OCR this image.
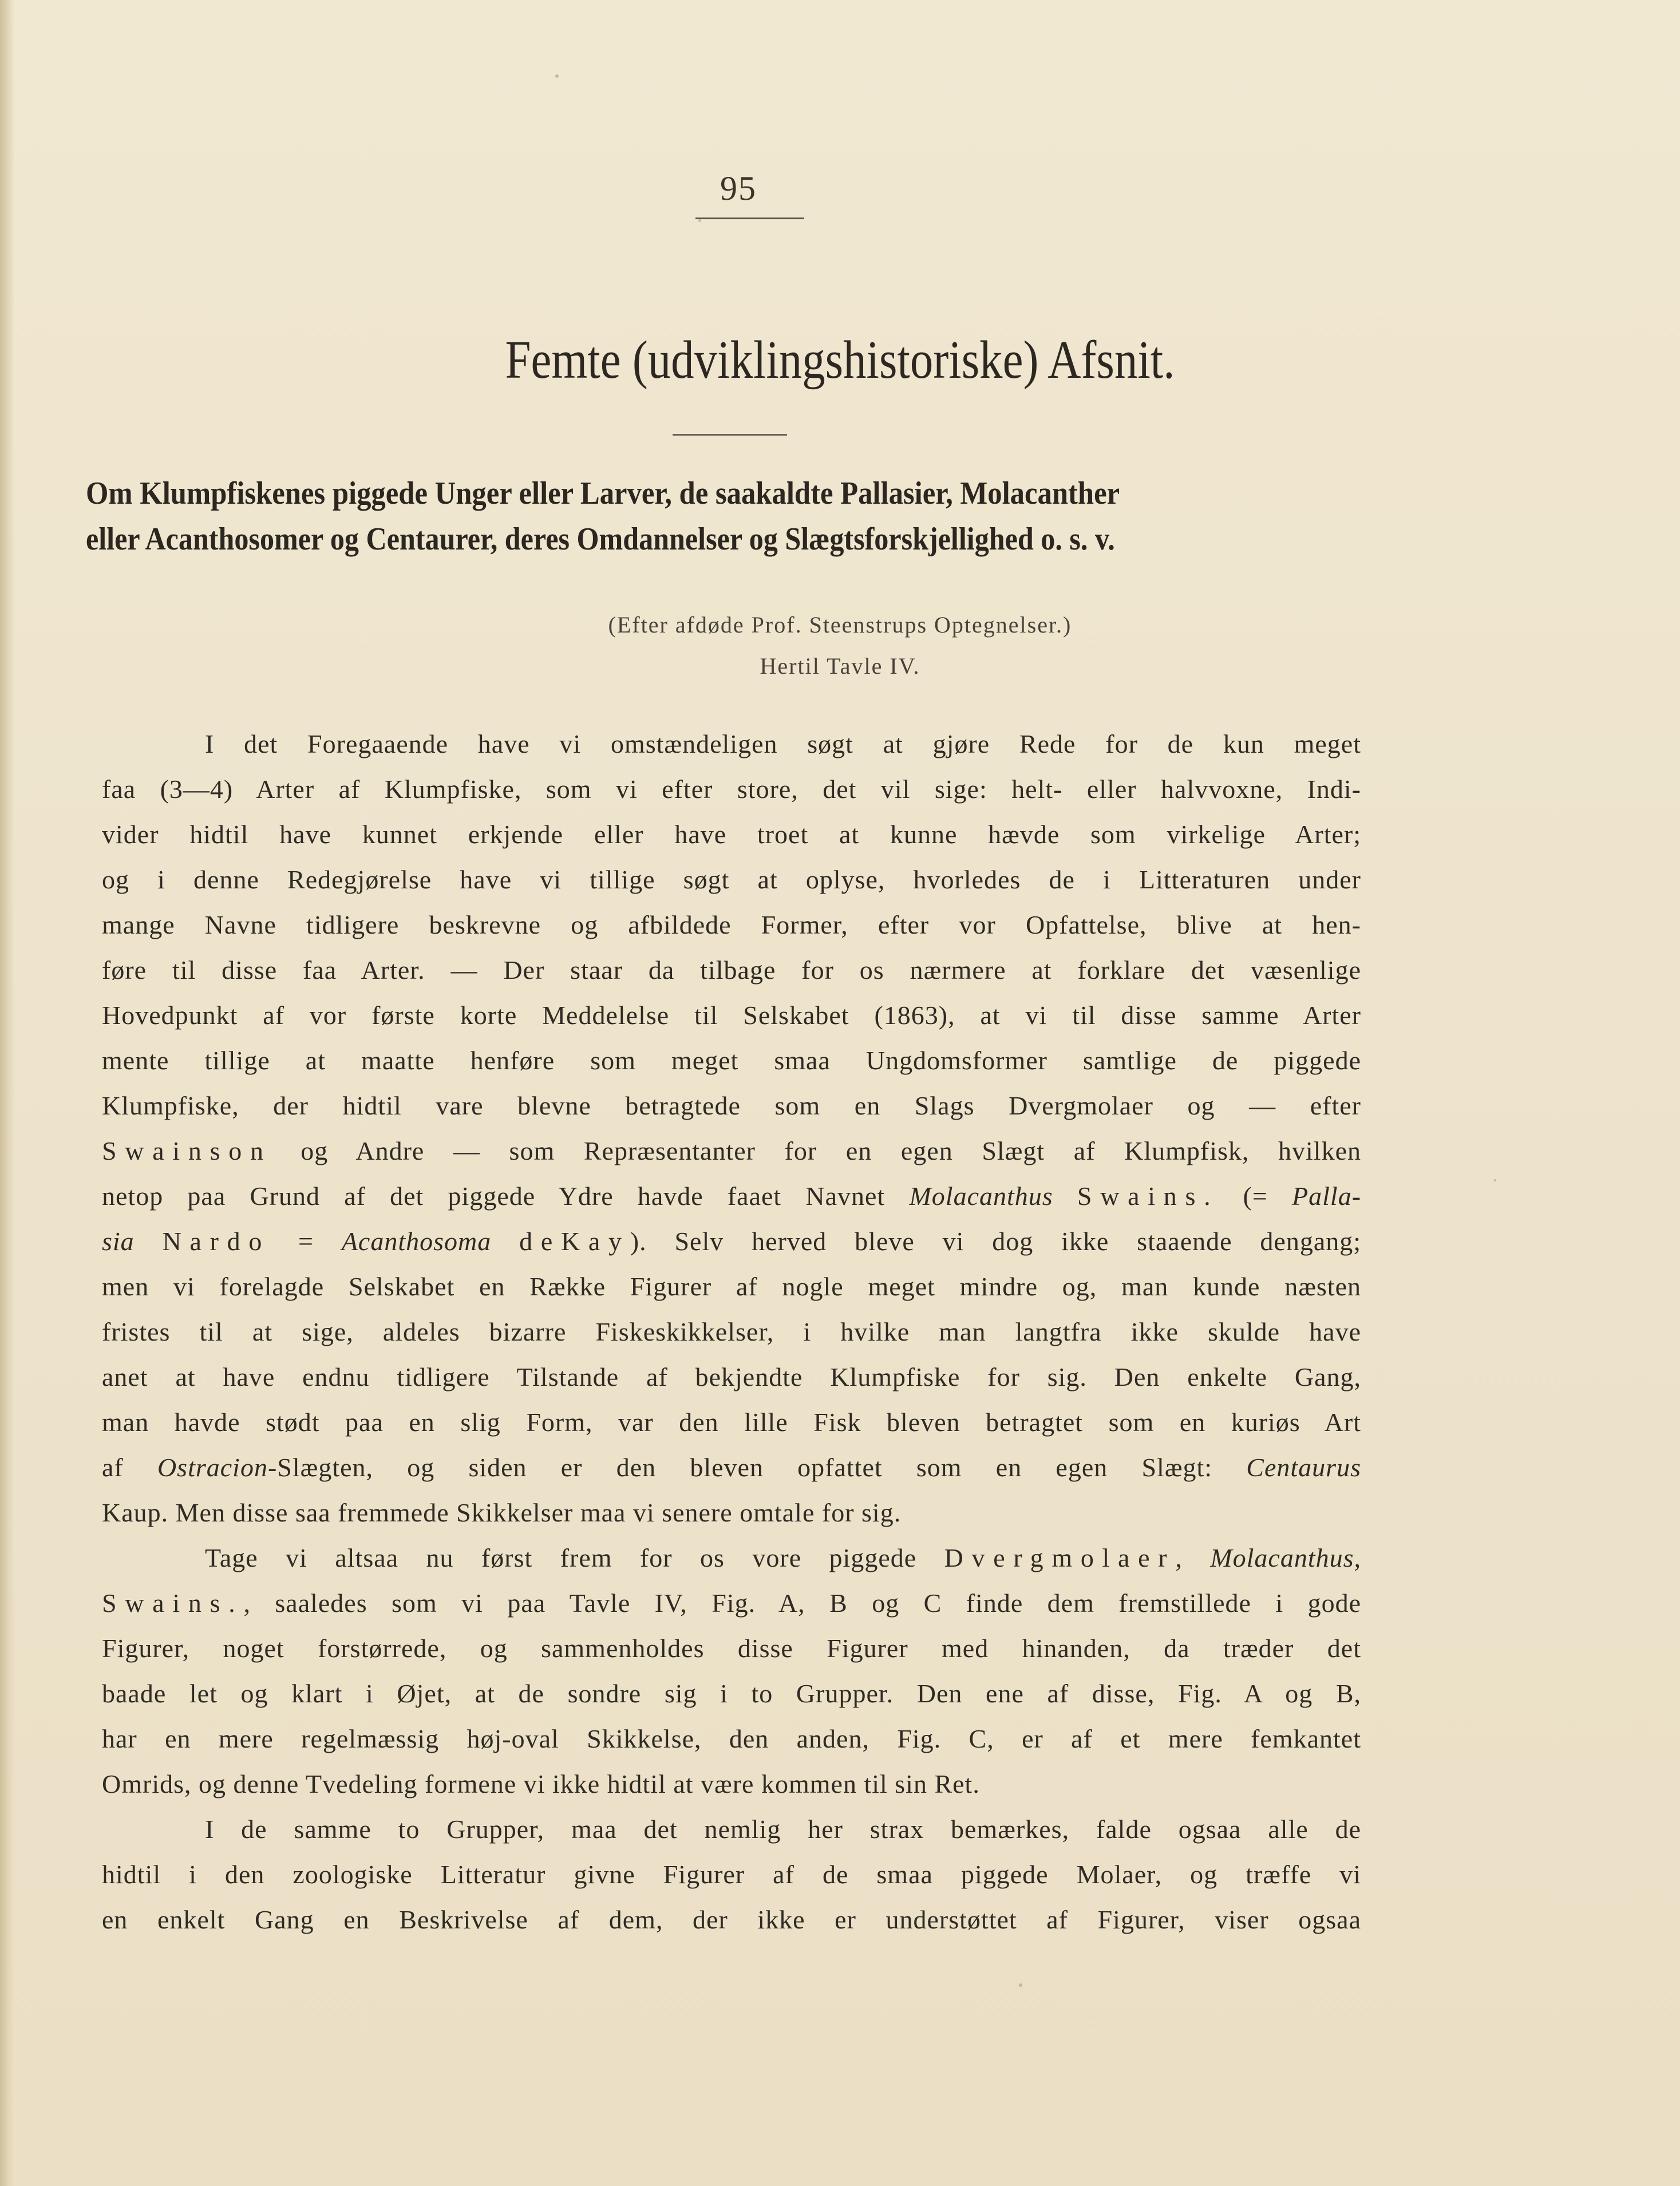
95
Femte (udviklingshistoriske) Afsnit.
Om Klumpfiskenes piggede Unger eller Larver, de saakaldte Pallasier, Molacanther
eller Acanthosomer og Centaurer, deres Omdannelser og Slægtsforskjellighed o. s. v.
(Efter afdøde Prof. Steenstrups Optegnelser.)
Hertil Tavle IV.
I det Foregaaende have vi omstændeligen søgt at gjøre Rede for de kun meget
faa (3—4) Arter af Klumpfiske, som vi efter store, det vil sige: helt- eller halvvoxne, Indi-
vider hidtil have kunnet erkjende eller have troet at kunne hævde som virkelige Arter;
og i denne Redegjørelse have vi tillige søgt at oplyse, hvorledes de i Litteraturen under
mange Navne tidligere beskrevne og afbildede Former, efter vor Opfattelse, blive at hen-
føre til disse faa Arter. — Der staar da tilbage for os nærmere at forklare det væsenlige
Hovedpunkt af vor første korte Meddelelse til Selskabet (1863), at vi til disse samme Arter
mente tillige at maatte henføre som meget smaa Ungdomsformer samtlige de piggede
Klumpfiske, der hidtil vare blevne betragtede som en Slags Dvergmolaer og — efter
Swainson og Andre — som Repræsentanter for en egen Slægt af Klumpfisk, hvilken
netop paa Grund af det piggede Ydre havde faaet Navnet Molacanthus Swains. (= Palla-
sia Nardo = Acanthosoma deKay). Selv herved bleve vi dog ikke staaende dengang;
men vi forelagde Selskabet en Række Figurer af nogle meget mindre og, man kunde næsten
fristes til at sige, aldeles bizarre Fiskeskikkelser, i hvilke man langtfra ikke skulde have
anet at have endnu tidligere Tilstande af bekjendte Klumpfiske for sig. Den enkelte Gang,
man havde stødt paa en slig Form, var den lille Fisk bleven betragtet som en kuriøs Art
af Ostracion-Slægten, og siden er den bleven opfattet som en egen Slægt: Centaurus
Kaup. Men disse saa fremmede Skikkelser maa vi senere omtale for sig.
Tage vi altsaa nu først frem for os vore piggede Dvergmolaer, Molacanthus,
Swains., saaledes som vi paa Tavle IV, Fig. A, B og C finde dem fremstillede i gode
Figurer, noget forstørrede, og sammenholdes disse Figurer med hinanden, da træder det
baade let og klart i Øjet, at de sondre sig i to Grupper. Den ene af disse, Fig. A og B,
har en mere regelmæssig høj-oval Skikkelse, den anden, Fig. C, er af et mere femkantet
Omrids, og denne Tvedeling formene vi ikke hidtil at være kommen til sin Ret.
I de samme to Grupper, maa det nemlig her strax bemærkes, falde ogsaa alle de
hidtil i den zoologiske Litteratur givne Figurer af de smaa piggede Molaer, og træffe vi
en enkelt Gang en Beskrivelse af dem, der ikke er understøttet af Figurer, viser ogsaa
